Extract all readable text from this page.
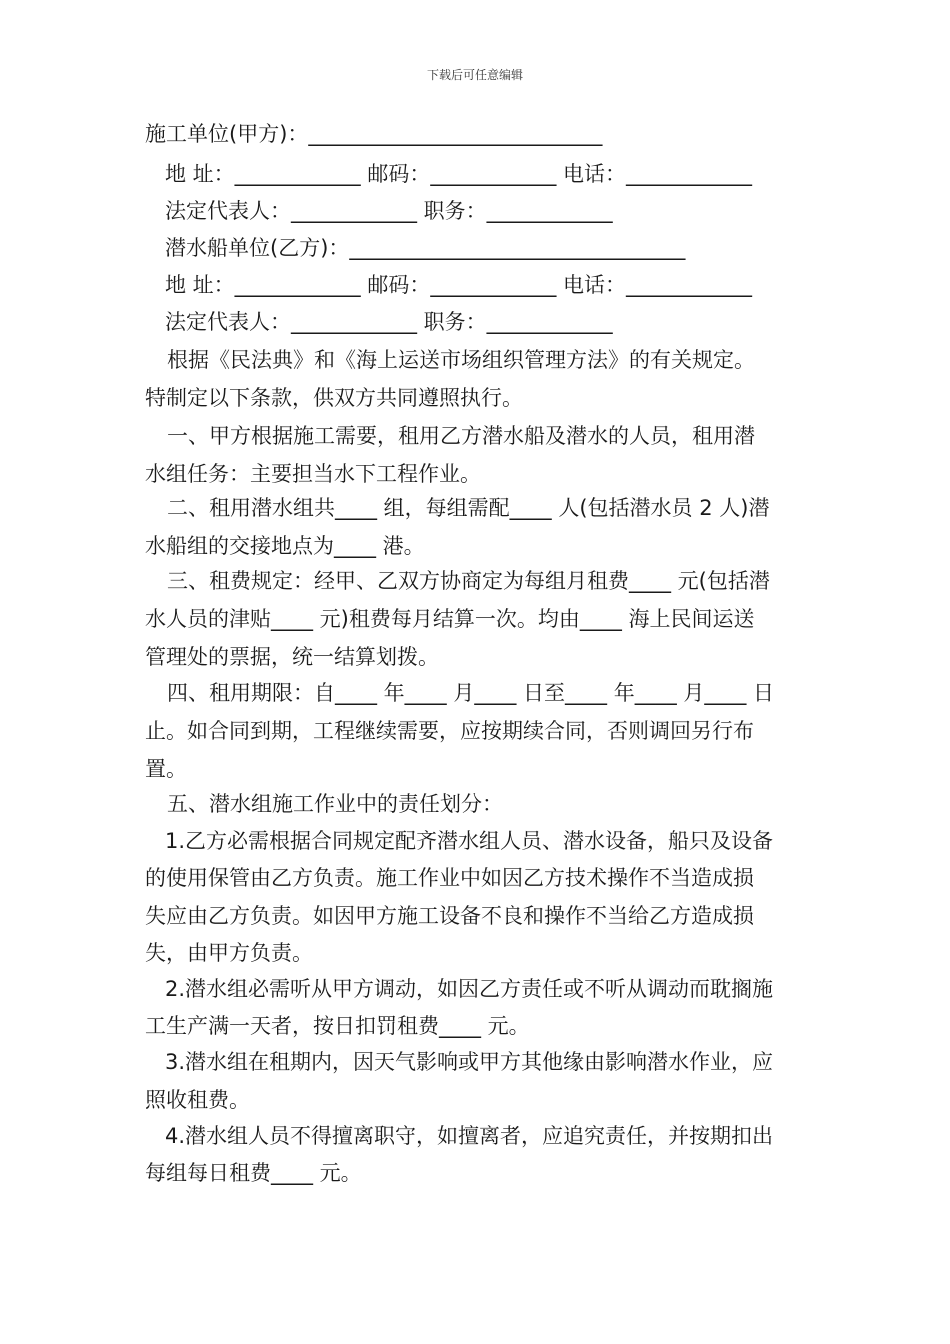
下载后可任意编辑
施工单位(甲方)：____________________________
地 址：____________ 邮码：____________ 电话：____________
法定代表人：____________ 职务：____________
潜水船单位(乙方)：________________________________
地 址：____________ 邮码：____________ 电话：____________
法定代表人：____________ 职务：____________
根据《民法典》和《海上运送市场组织管理方法》的有关规定。
特制定以下条款，供双方共同遵照执行。
一、甲方根据施工需要，租用乙方潜水船及潜水的人员，租用潜
水组任务：主要担当水下工程作业。
二、租用潜水组共____ 组，每组需配____ 人(包括潜水员 2 人)潜
水船组的交接地点为____ 港。
三、租费规定：经甲、乙双方协商定为每组月租费____ 元(包括潜
水人员的津贴____ 元)租费每月结算一次。均由____ 海上民间运送
管理处的票据，统一结算划拨。
四、租用期限：自____ 年____ 月____ 日至____ 年____ 月____ 日
止。如合同到期，工程继续需要，应按期续合同，否则调回另行布
置。
五、潜水组施工作业中的责任划分：
1.乙方必需根据合同规定配齐潜水组人员、潜水设备，船只及设备
的使用保管由乙方负责。施工作业中如因乙方技术操作不当造成损
失应由乙方负责。如因甲方施工设备不良和操作不当给乙方造成损
失，由甲方负责。
2.潜水组必需听从甲方调动，如因乙方责任或不听从调动而耽搁施
工生产满一天者，按日扣罚租费____ 元。
3.潜水组在租期内，因天气影响或甲方其他缘由影响潜水作业，应
照收租费。
4.潜水组人员不得擅离职守，如擅离者，应追究责任，并按期扣出
每组每日租费____ 元。
